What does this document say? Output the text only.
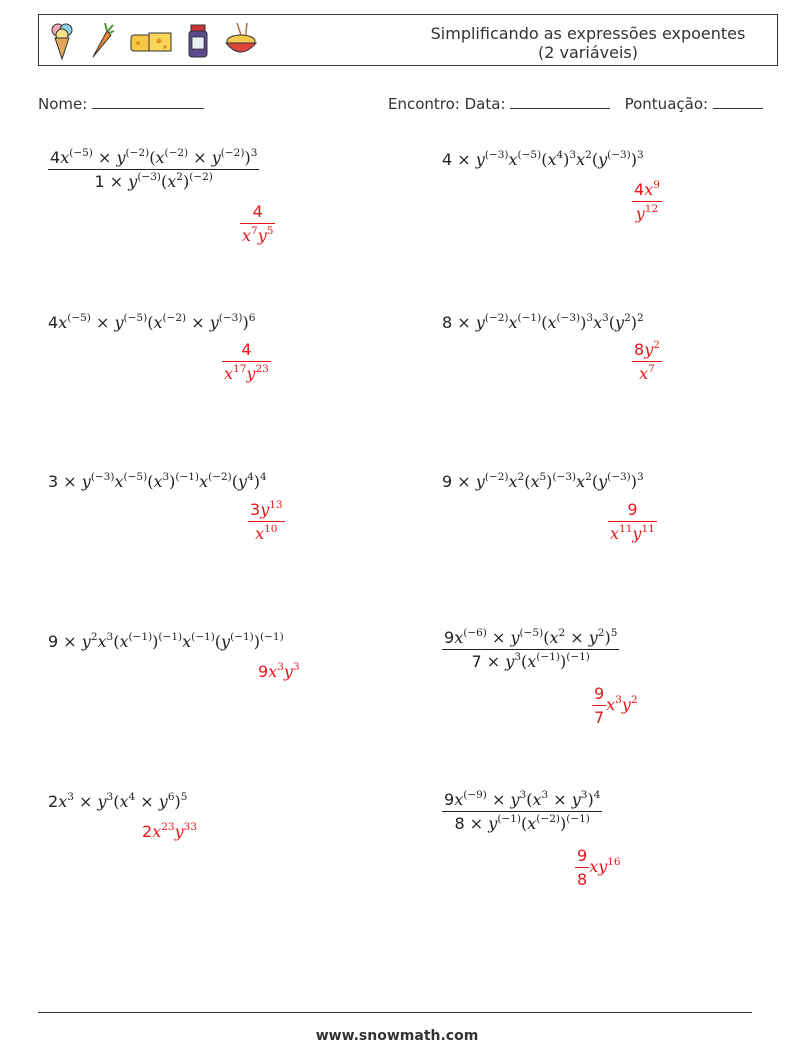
Simplificando as expressões expoentes (2 variáveis)
Nome:	Encontro: Data:	Pontuação:
$\frac{4x^{(-5)} \times y^{(-2)}(x^{(-2)} \times y^{(-2)})^3}{1 \times y^{(-3)}(x^2)^{(-2)}}$
$\frac{4}{x^7y^5}$
$4 \times y^{(-3)}x^{(-5)}(x^4)^3x^2(y^{(-3)})^3$
$\frac{4x^9}{y^{12}}$
$4x^{(-5)} \times y^{(-5)}(x^{(-2)} \times y^{(-3)})^6$
$\frac{4}{x^{17}y^{23}}$
$8 \times y^{(-2)}x^{(-1)}(x^{(-3)})^3x^3(y^2)^2$
$\frac{8y^2}{x^7}$
$3 \times y^{(-3)}x^{(-5)}(x^3)^{(-1)}x^{(-2)}(y^4)^4$
$\frac{3y^{13}}{x^{10}}$
$9 \times y^{(-2)}x^2(x^5)^{(-3)}x^2(y^{(-3)})^3$
$\frac{9}{x^{11}y^{11}}$
$9 \times y^2x^3(x^{(-1)})^{(-1)}x^{(-1)}(y^{(-1)})^{(-1)}$
$9x^3y^3$	$\frac{9x^{(-6)} \times y^{(-5)}(x^2 \times y^2)^5}{7 \times y^3(x^{(-1)})^{(-1)}}$
$\frac{9}{7} x^3y^2$
$2x^3 \times y^3(x^4 \times y^6)^5$
$2x^{23}y^{33}$	$\frac{9x^{(-9)} \times y^3(x^3 \times y^3)^4}{8 \times y^{(-1)}(x^{(-2)})^{(-1)}}$
$\frac{9}{8} xy^{16}$
www.snowmath.com
